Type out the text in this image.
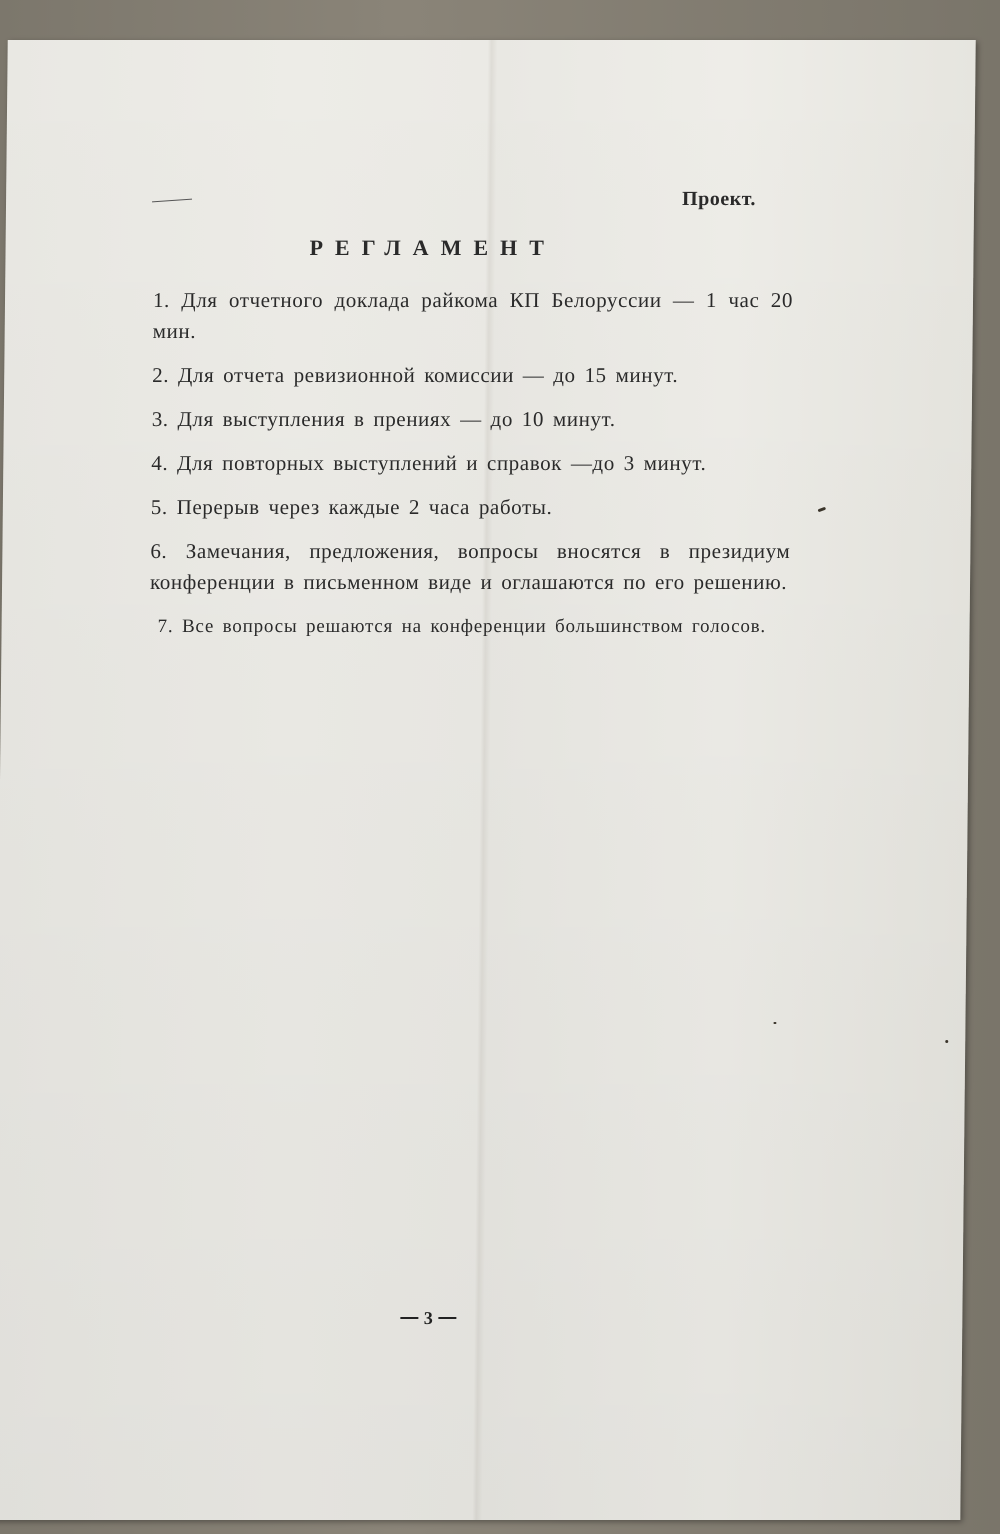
Проект.
РЕГЛАМЕНТ
1. Для отчетного доклада райкома КП Белоруссии — 1 час 20 мин.
2. Для отчета ревизионной комиссии — до 15 минут.
3. Для выступления в прениях — до 10 минут.
4. Для повторных выступлений и справок —до 3 минут.
5. Перерыв через каждые 2 часа работы.
6. Замечания, предложения, вопросы вносятся в президиум конференции в письменном виде и оглашаются по его решению.
7. Все вопросы решаются на конференции большинством голосов.
3
